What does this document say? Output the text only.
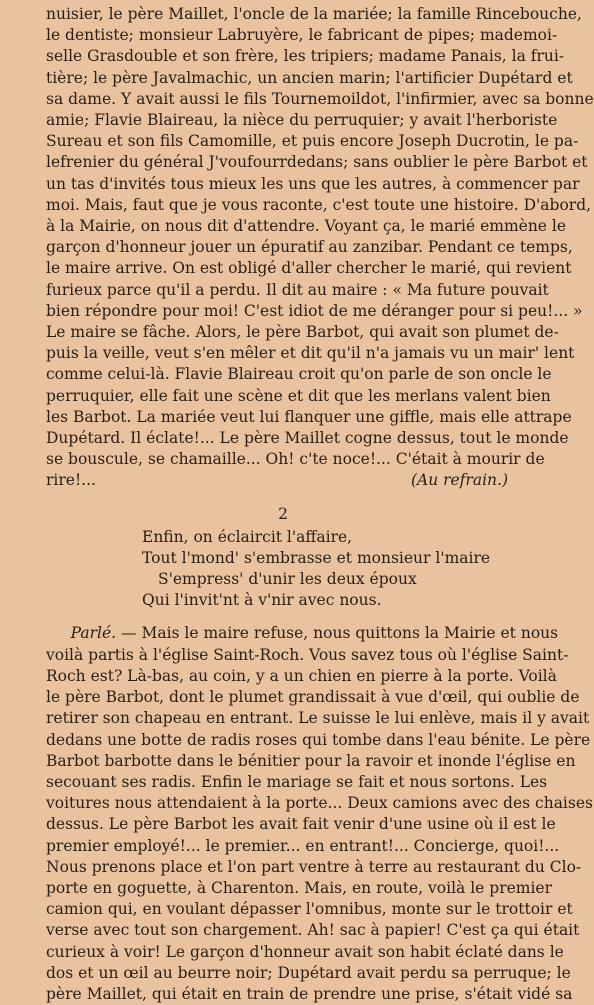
nuisier, le père Maillet, l'oncle de la mariée; la famille Rincebouche,
le dentiste; monsieur Labruyère, le fabricant de pipes; mademoi-
selle Grasdouble et son frère, les tripiers; madame Panais, la frui-
tière; le père Javalmachic, un ancien marin; l'artificier Dupétard et
sa dame. Y avait aussi le fils Tournemoildot, l'infirmier, avec sa bonne
amie; Flavie Blaireau, la nièce du perruquier; y avait l'herboriste
Sureau et son fils Camomille, et puis encore Joseph Ducrotin, le pa-
lefrenier du général J'voufourrdedans; sans oublier le père Barbot et
un tas d'invités tous mieux les uns que les autres, à commencer par
moi. Mais, faut que je vous raconte, c'est toute une histoire. D'abord,
à la Mairie, on nous dit d'attendre. Voyant ça, le marié emmène le
garçon d'honneur jouer un épuratif au zanzibar. Pendant ce temps,
le maire arrive. On est obligé d'aller chercher le marié, qui revient
furieux parce qu'il a perdu. Il dit au maire : « Ma future pouvait
bien répondre pour moi! C'est idiot de me déranger pour si peu!... »
Le maire se fâche. Alors, le père Barbot, qui avait son plumet de-
puis la veille, veut s'en mêler et dit qu'il n'a jamais vu un mair' lent
comme celui-là. Flavie Blaireau croit qu'on parle de son oncle le
perruquier, elle fait une scène et dit que les merlans valent bien
les Barbot. La mariée veut lui flanquer une giffle, mais elle attrape
Dupétard. Il éclate!... Le père Maillet cogne dessus, tout le monde
se bouscule, se chamaille... Oh! c'te noce!... C'était à mourir de
rire!...	(Au refrain.)
2
Enfin, on éclaircit l'affaire,
Tout l'mond' s'embrasse et monsieur l'maire
S'empress' d'unir les deux époux
Qui l'invit'nt à v'nir avec nous.
Parlé. — Mais le maire refuse, nous quittons la Mairie et nous
voilà partis à l'église Saint-Roch. Vous savez tous où l'église Saint-
Roch est? Là-bas, au coin, y a un chien en pierre à la porte. Voilà
le père Barbot, dont le plumet grandissait à vue d'œil, qui oublie de
retirer son chapeau en entrant. Le suisse le lui enlève, mais il y avait
dedans une botte de radis roses qui tombe dans l'eau bénite. Le père
Barbot barbotte dans le bénitier pour la ravoir et inonde l'église en
secouant ses radis. Enfin le mariage se fait et nous sortons. Les
voitures nous attendaient à la porte... Deux camions avec des chaises
dessus. Le père Barbot les avait fait venir d'une usine où il est le
premier employé!... le premier... en entrant!... Concierge, quoi!...
Nous prenons place et l'on part ventre à terre au restaurant du Clo-
porte en goguette, à Charenton. Mais, en route, voilà le premier
camion qui, en voulant dépasser l'omnibus, monte sur le trottoir et
verse avec tout son chargement. Ah! sac à papier! C'est ça qui était
curieux à voir! Le garçon d'honneur avait son habit éclaté dans le
dos et un œil au beurre noir; Dupétard avait perdu sa perruque; le
père Maillet, qui était en train de prendre une prise, s'était vidé sa
